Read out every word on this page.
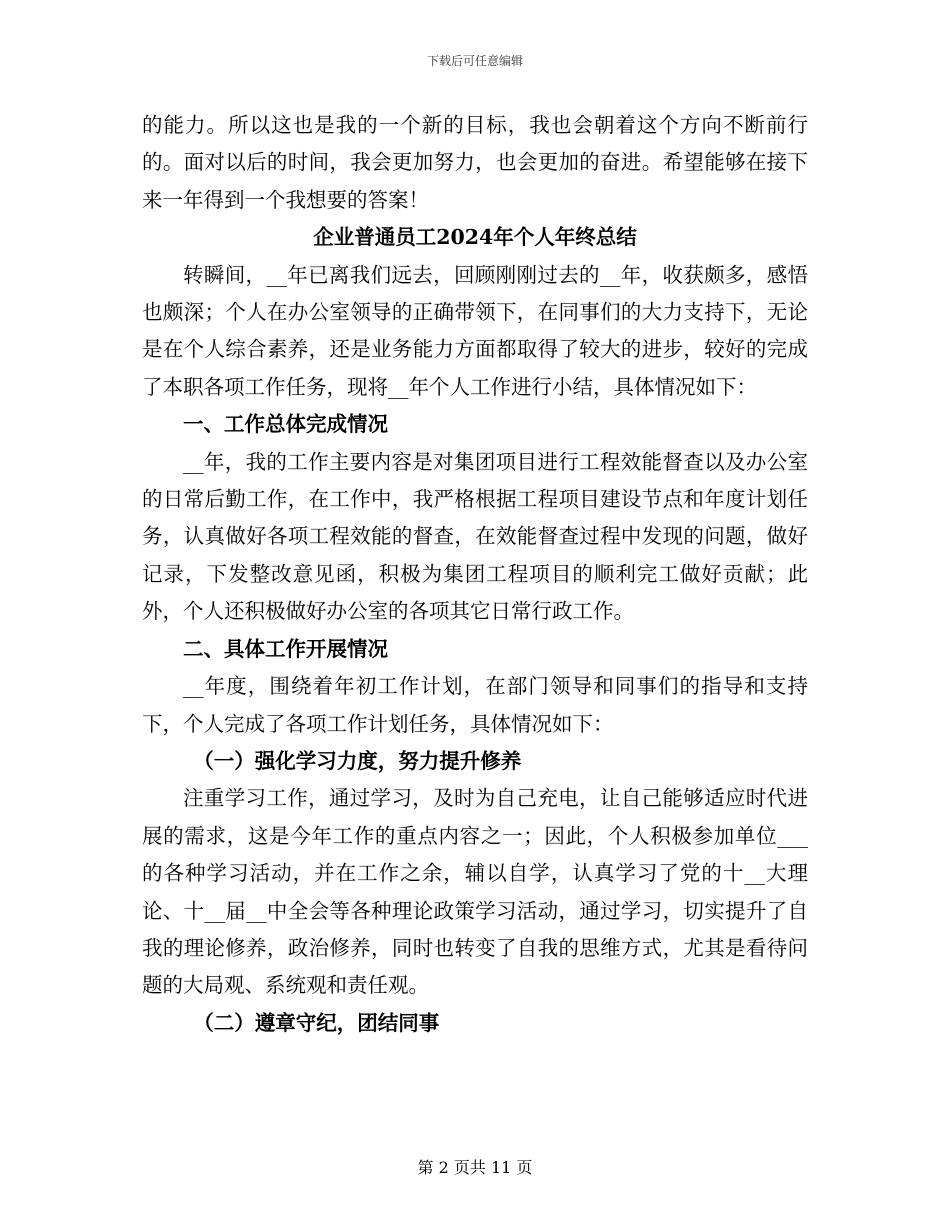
下载后可任意编辑

的能力。所以这也是我的一个新的目标，我也会朝着这个方向不断前行的。面对以后的时间，我会更加努力，也会更加的奋进。希望能够在接下来一年得到一个我想要的答案！

企业普通员工2024年个人年终总结

转瞬间，__年已离我们远去，回顾刚刚过去的__年，收获颇多，感悟也颇深；个人在办公室领导的正确带领下，在同事们的大力支持下，无论是在个人综合素养，还是业务能力方面都取得了较大的进步，较好的完成了本职各项工作任务，现将__年个人工作进行小结，具体情况如下：

一、工作总体完成情况

__年，我的工作主要内容是对集团项目进行工程效能督查以及办公室的日常后勤工作，在工作中，我严格根据工程项目建设节点和年度计划任务，认真做好各项工程效能的督查，在效能督查过程中发现的问题，做好记录，下发整改意见函，积极为集团工程项目的顺利完工做好贡献；此外，个人还积极做好办公室的各项其它日常行政工作。

二、具体工作开展情况

__年度，围绕着年初工作计划，在部门领导和同事们的指导和支持下，个人完成了各项工作计划任务，具体情况如下：

（一）强化学习力度，努力提升修养

注重学习工作，通过学习，及时为自己充电，让自己能够适应时代进展的需求，这是今年工作的重点内容之一；因此，个人积极参加单位___的各种学习活动，并在工作之余，辅以自学，认真学习了党的十__大理论、十__届__中全会等各种理论政策学习活动，通过学习，切实提升了自我的理论修养，政治修养，同时也转变了自我的思维方式，尤其是看待问题的大局观、系统观和责任观。

（二）遵章守纪，团结同事

第 2 页共 11 页
